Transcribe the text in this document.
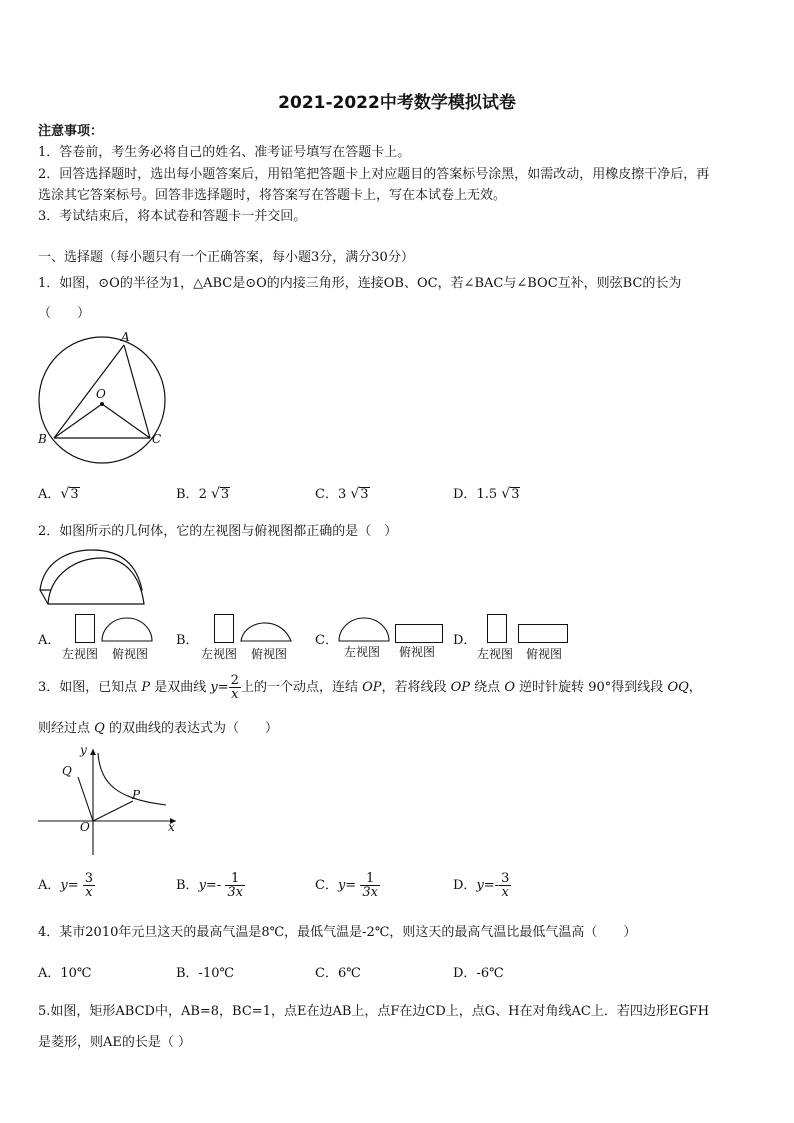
2021-2022中考数学模拟试卷
注意事项：
1．答卷前，考生务必将自己的姓名、准考证号填写在答题卡上。
2．回答选择题时，选出每小题答案后，用铅笔把答题卡上对应题目的答案标号涂黑，如需改动，用橡皮擦干净后，再
选涂其它答案标号。回答非选择题时，将答案写在答题卡上，写在本试卷上无效。
3．考试结束后，将本试卷和答题卡一并交回。
一、选择题（每小题只有一个正确答案，每小题3分，满分30分）
1．如图，⊙O的半径为1，△ABC是⊙O的内接三角形，连接OB、OC，若∠BAC与∠BOC互补，则弦BC的长为
（　　）
A
O
B	C
A．√3	B．2 √3	C．3 √3	D．1.5 √3
2．如图所示的几何体，它的左视图与俯视图都正确的是（　）
A．
左视图 俯视图
B．
左视图 俯视图
C．
左视图 俯视图
D．
左视图 俯视图
3．如图，已知点 P 是双曲线 $y= \frac{2}{x}$ 上的一个动点，连结 OP，若将线段 OP 绕点 O 逆时针旋转 90°得到线段 OQ，
则经过点 Q 的双曲线的表达式为（　　）
y
Q
P
O	x
A．$y= \frac{3}{x}$	B．$y=- \frac{1}{3x}$	C．$y= \frac{1}{3x}$	D．$y=- \frac{3}{x}$
4．某市2010年元旦这天的最高气温是8℃，最低气温是-2℃，则这天的最高气温比最低气温高（　　）
A．10℃	B．-10℃	C．6℃	D．-6℃
5.如图，矩形ABCD中，AB=8，BC=1，点E在边AB上，点F在边CD上，点G、H在对角线AC上．若四边形EGFH
是菱形，则AE的长是（ ）
